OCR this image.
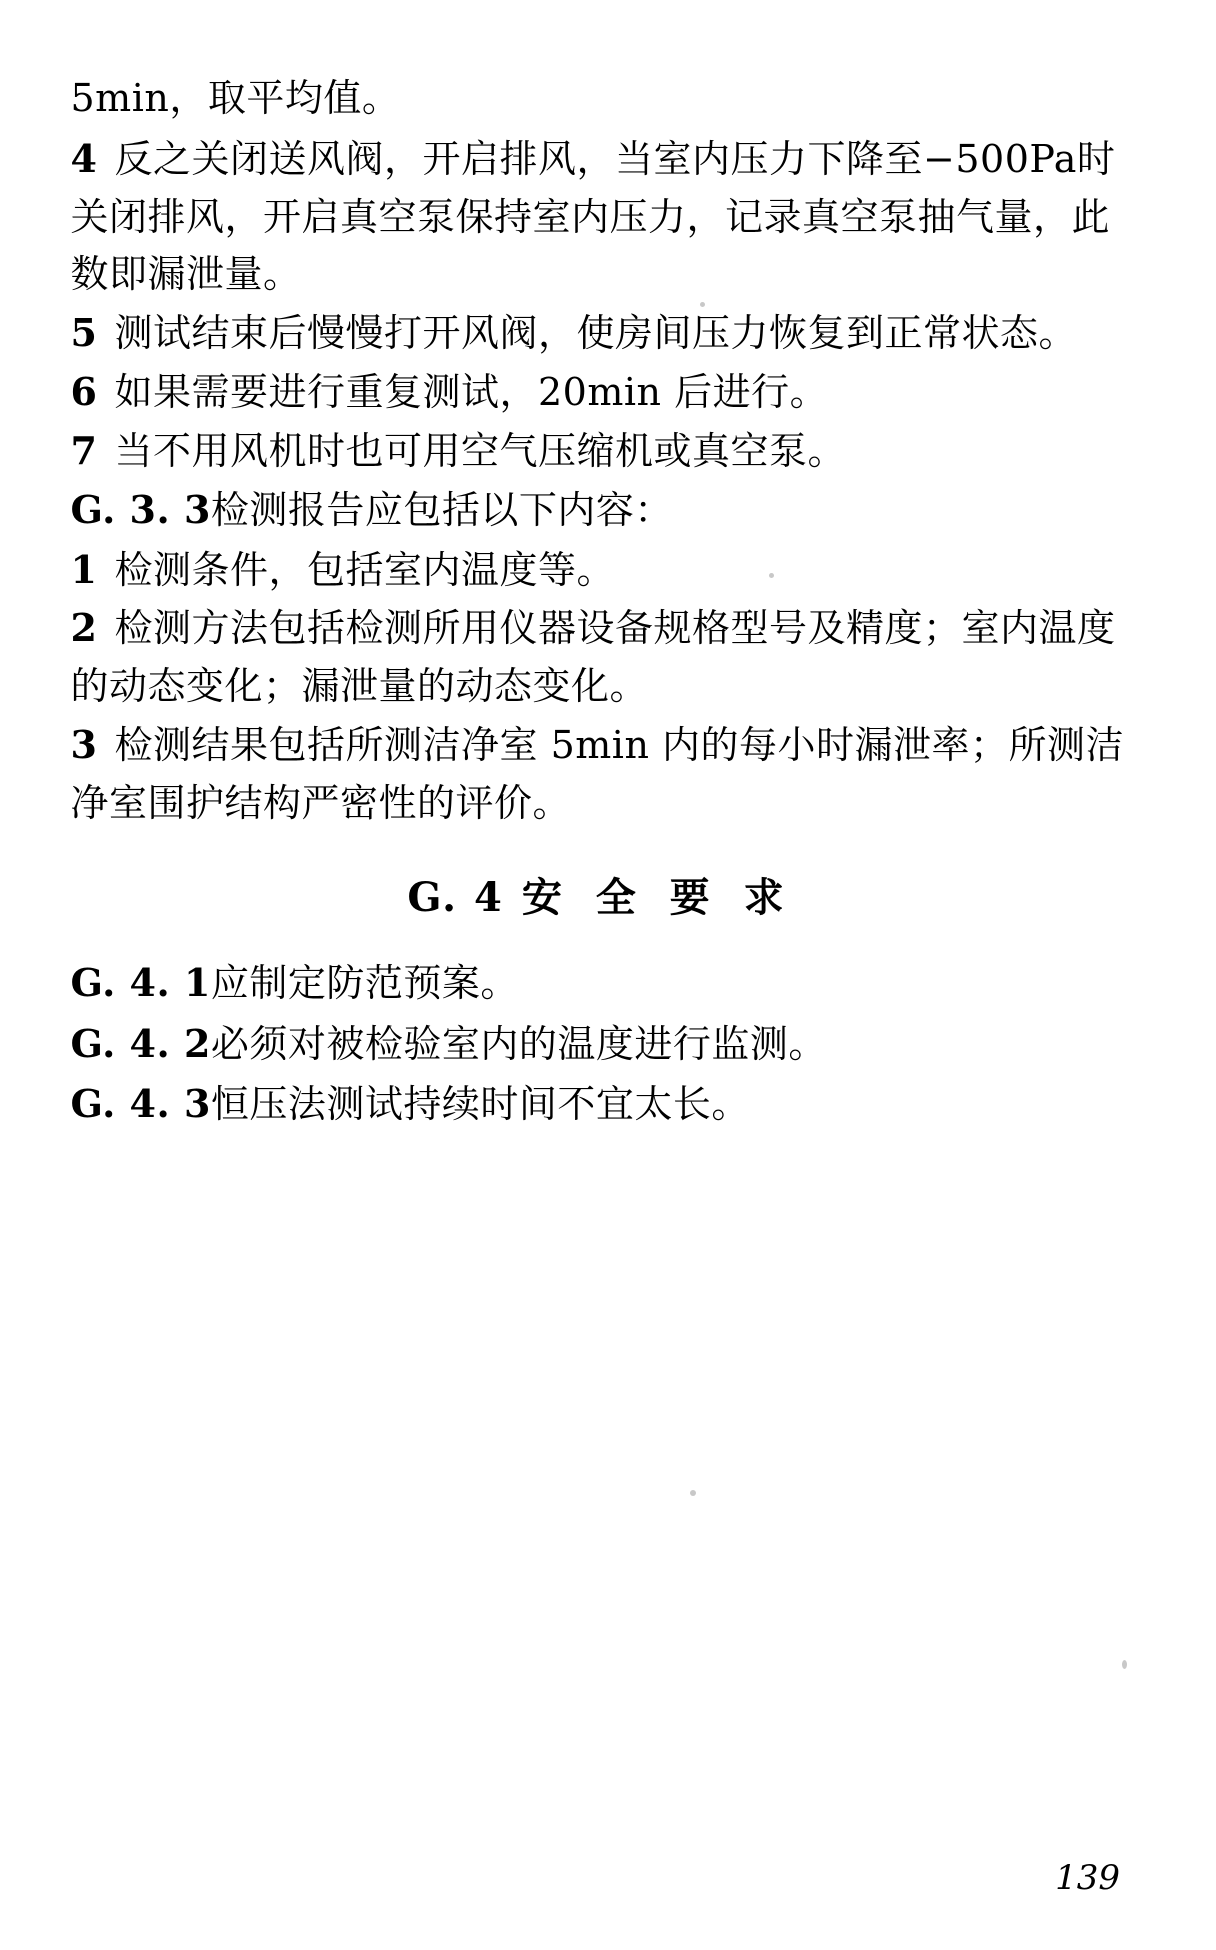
5min，取平均值。

4 反之关闭送风阀，开启排风，当室内压力下降至−500Pa时关闭排风，开启真空泵保持室内压力，记录真空泵抽气量，此数即漏泄量。

5 测试结束后慢慢打开风阀，使房间压力恢复到正常状态。

6 如果需要进行重复测试，20min 后进行。

7 当不用风机时也可用空气压缩机或真空泵。

G. 3. 3检测报告应包括以下内容：

1 检测条件，包括室内温度等。

2 检测方法包括检测所用仪器设备规格型号及精度；室内温度的动态变化；漏泄量的动态变化。

3 检测结果包括所测洁净室 5min 内的每小时漏泄率；所测洁净室围护结构严密性的评价。

G. 4 安 全 要 求

G. 4. 1应制定防范预案。

G. 4. 2必须对被检验室内的温度进行监测。

G. 4. 3恒压法测试持续时间不宜太长。

139
